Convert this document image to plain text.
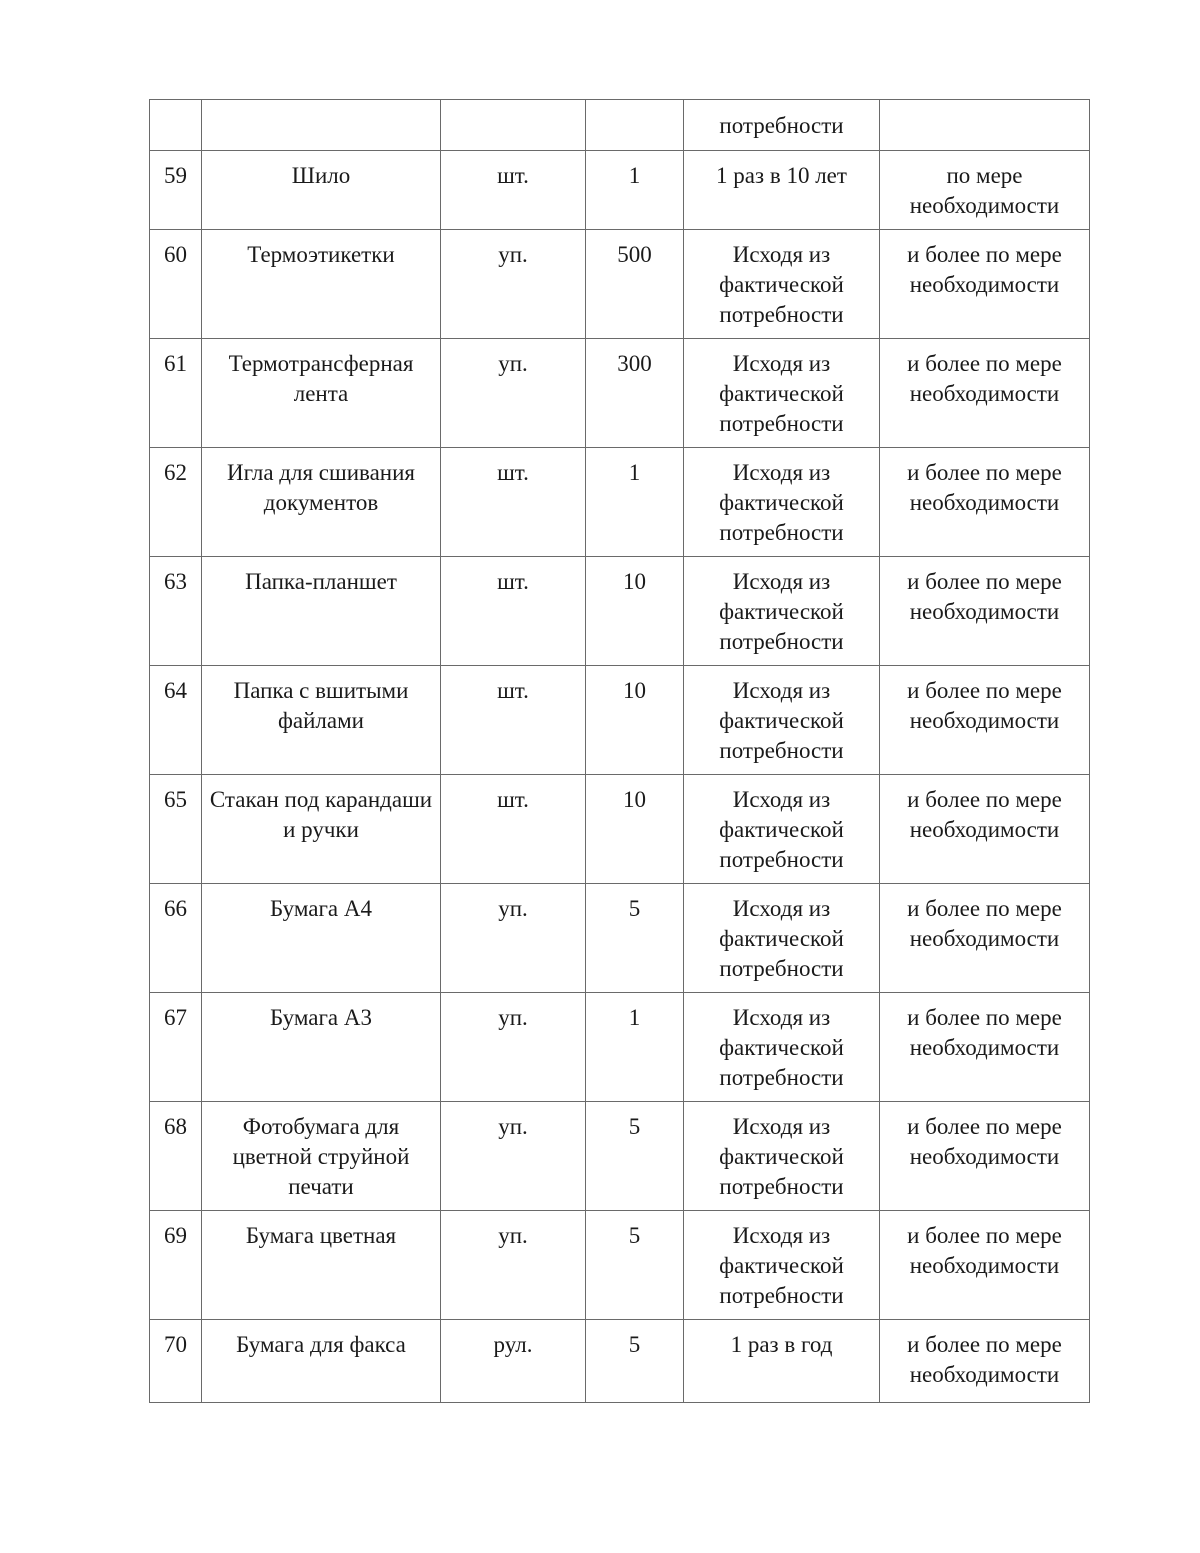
				потребности	
59	Шило	шт.	1	1 раз в 10 лет	по мере необходимости
60	Термоэтикетки	уп.	500	Исходя из фактической потребности	и более по мере необходимости
61	Термотрансферная лента	уп.	300	Исходя из фактической потребности	и более по мере необходимости
62	Игла для сшивания документов	шт.	1	Исходя из фактической потребности	и более по мере необходимости
63	Папка-планшет	шт.	10	Исходя из фактической потребности	и более по мере необходимости
64	Папка с вшитыми файлами	шт.	10	Исходя из фактической потребности	и более по мере необходимости
65	Стакан под карандаши и ручки	шт.	10	Исходя из фактической потребности	и более по мере необходимости
66	Бумага А4	уп.	5	Исходя из фактической потребности	и более по мере необходимости
67	Бумага А3	уп.	1	Исходя из фактической потребности	и более по мере необходимости
68	Фотобумага для цветной струйной печати	уп.	5	Исходя из фактической потребности	и более по мере необходимости
69	Бумага цветная	уп.	5	Исходя из фактической потребности	и более по мере необходимости
70	Бумага для факса	рул.	5	1 раз в год	и более по мере необходимости
